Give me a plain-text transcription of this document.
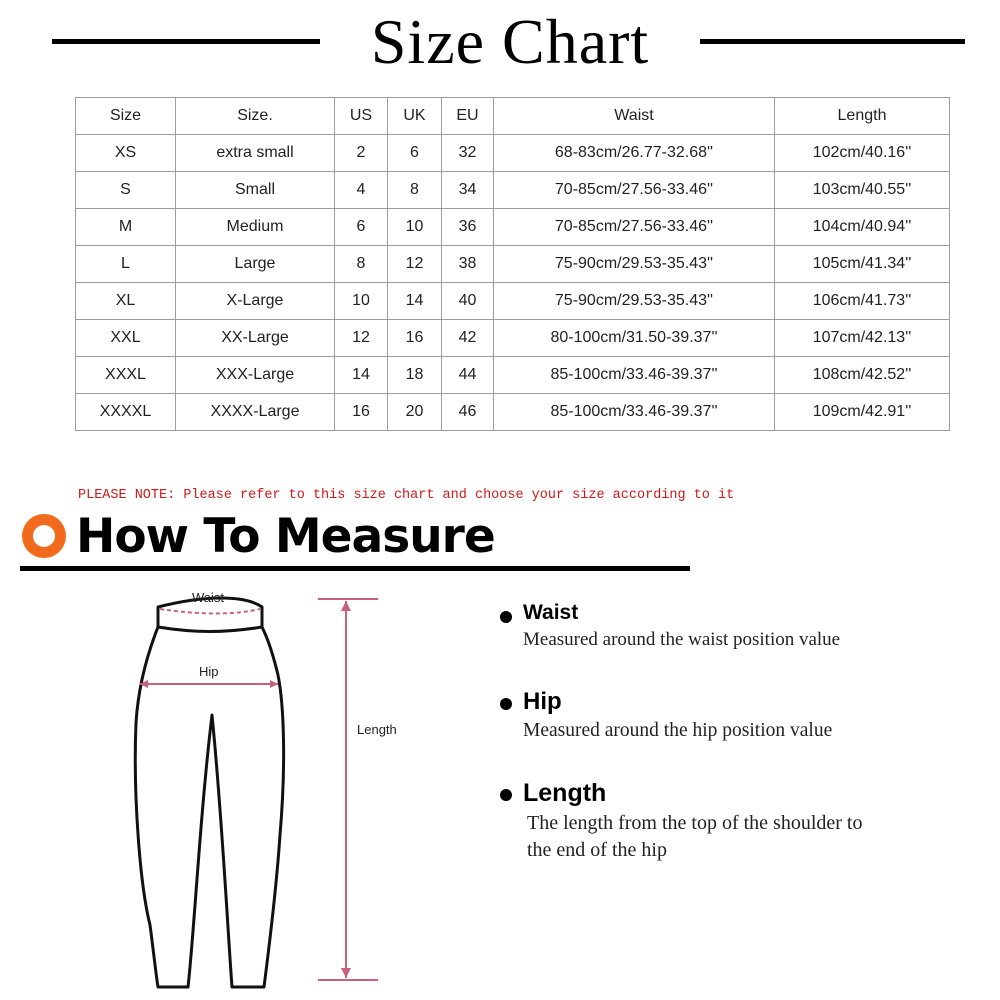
Size Chart
Size	Size.	US	UK	EU	Waist	Length
XS	extra small	2	6	32	68-83cm/26.77-32.68''	102cm/40.16''
S	Small	4	8	34	70-85cm/27.56-33.46''	103cm/40.55''
M	Medium	6	10	36	70-85cm/27.56-33.46''	104cm/40.94''
L	Large	8	12	38	75-90cm/29.53-35.43''	105cm/41.34''
XL	X-Large	10	14	40	75-90cm/29.53-35.43''	106cm/41.73''
XXL	XX-Large	12	16	42	80-100cm/31.50-39.37''	107cm/42.13''
XXXL	XXX-Large	14	18	44	85-100cm/33.46-39.37''	108cm/42.52''
XXXXL	XXXX-Large	16	20	46	85-100cm/33.46-39.37''	109cm/42.91''
PLEASE NOTE: Please refer to this size chart and choose your size according to it
How To Measure
Waist
Hip
Length
Waist
Measured around the waist position value
Hip
Measured around the hip position value
Length
The length from the top of the shoulder to
the end of the hip
